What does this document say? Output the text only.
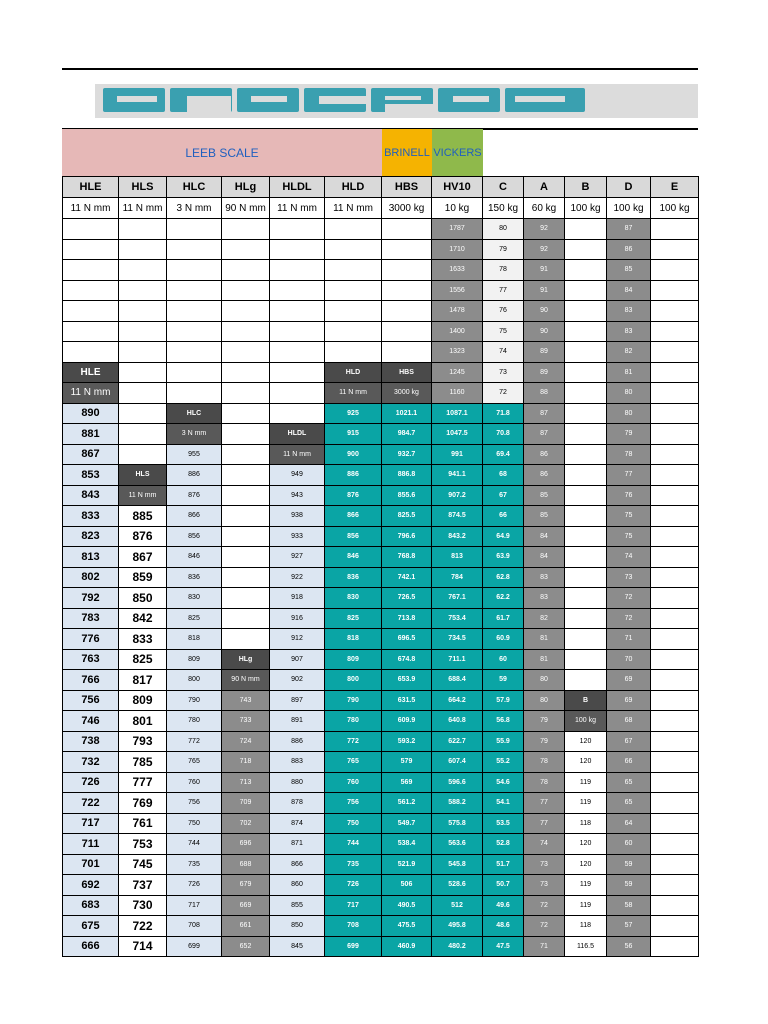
LEEB SCALE	BRINELL VICKERS
HLE	HLS	HLC	HLg	HLDL	HLD	HBS	HV10	C	A	B	D	E
11 N mm	11 N mm	3 N mm	90 N mm	11 N mm	11 N mm	3000 kg	10 kg	150 kg	60 kg	100 kg	100 kg	100 kg
							1787	80	92		87	
							1710	79	92		86	
							1633	78	91		85	
							1556	77	91		84	
							1478	76	90		83	
							1400	75	90		83	
							1323	74	89		82	
HLE					HLD	HBS	1245	73	89		81	
11 N mm					11 N mm	3000 kg	1160	72	88		80	
890		HLC			925	1021.1	1087.1	71.8	87		80	
881		3 N mm		HLDL	915	984.7	1047.5	70.8	87		79	
867		955		11 N mm	900	932.7	991	69.4	86		78	
853	HLS	886		949	886	886.8	941.1	68	86		77	
843	11 N mm	876		943	876	855.6	907.2	67	85		76	
833	885	866		938	866	825.5	874.5	66	85		75	
823	876	856		933	856	796.6	843.2	64.9	84		75	
813	867	846		927	846	768.8	813	63.9	84		74	
802	859	836		922	836	742.1	784	62.8	83		73	
792	850	830		918	830	726.5	767.1	62.2	83		72	
783	842	825		916	825	713.8	753.4	61.7	82		72	
776	833	818		912	818	696.5	734.5	60.9	81		71	
763	825	809	HLg	907	809	674.8	711.1	60	81		70	
766	817	800	90 N mm	902	800	653.9	688.4	59	80		69	
756	809	790	743	897	790	631.5	664.2	57.9	80	B	69	
746	801	780	733	891	780	609.9	640.8	56.8	79	100 kg	68	
738	793	772	724	886	772	593.2	622.7	55.9	79	120	67	
732	785	765	718	883	765	579	607.4	55.2	78	120	66	
726	777	760	713	880	760	569	596.6	54.6	78	119	65	
722	769	756	709	878	756	561.2	588.2	54.1	77	119	65	
717	761	750	702	874	750	549.7	575.8	53.5	77	118	64	
711	753	744	696	871	744	538.4	563.6	52.8	74	120	60	
701	745	735	688	866	735	521.9	545.8	51.7	73	120	59	
692	737	726	679	860	726	506	528.6	50.7	73	119	59	
683	730	717	669	855	717	490.5	512	49.6	72	119	58	
675	722	708	661	850	708	475.5	495.8	48.6	72	118	57	
666	714	699	652	845	699	460.9	480.2	47.5	71	116.5	56	
